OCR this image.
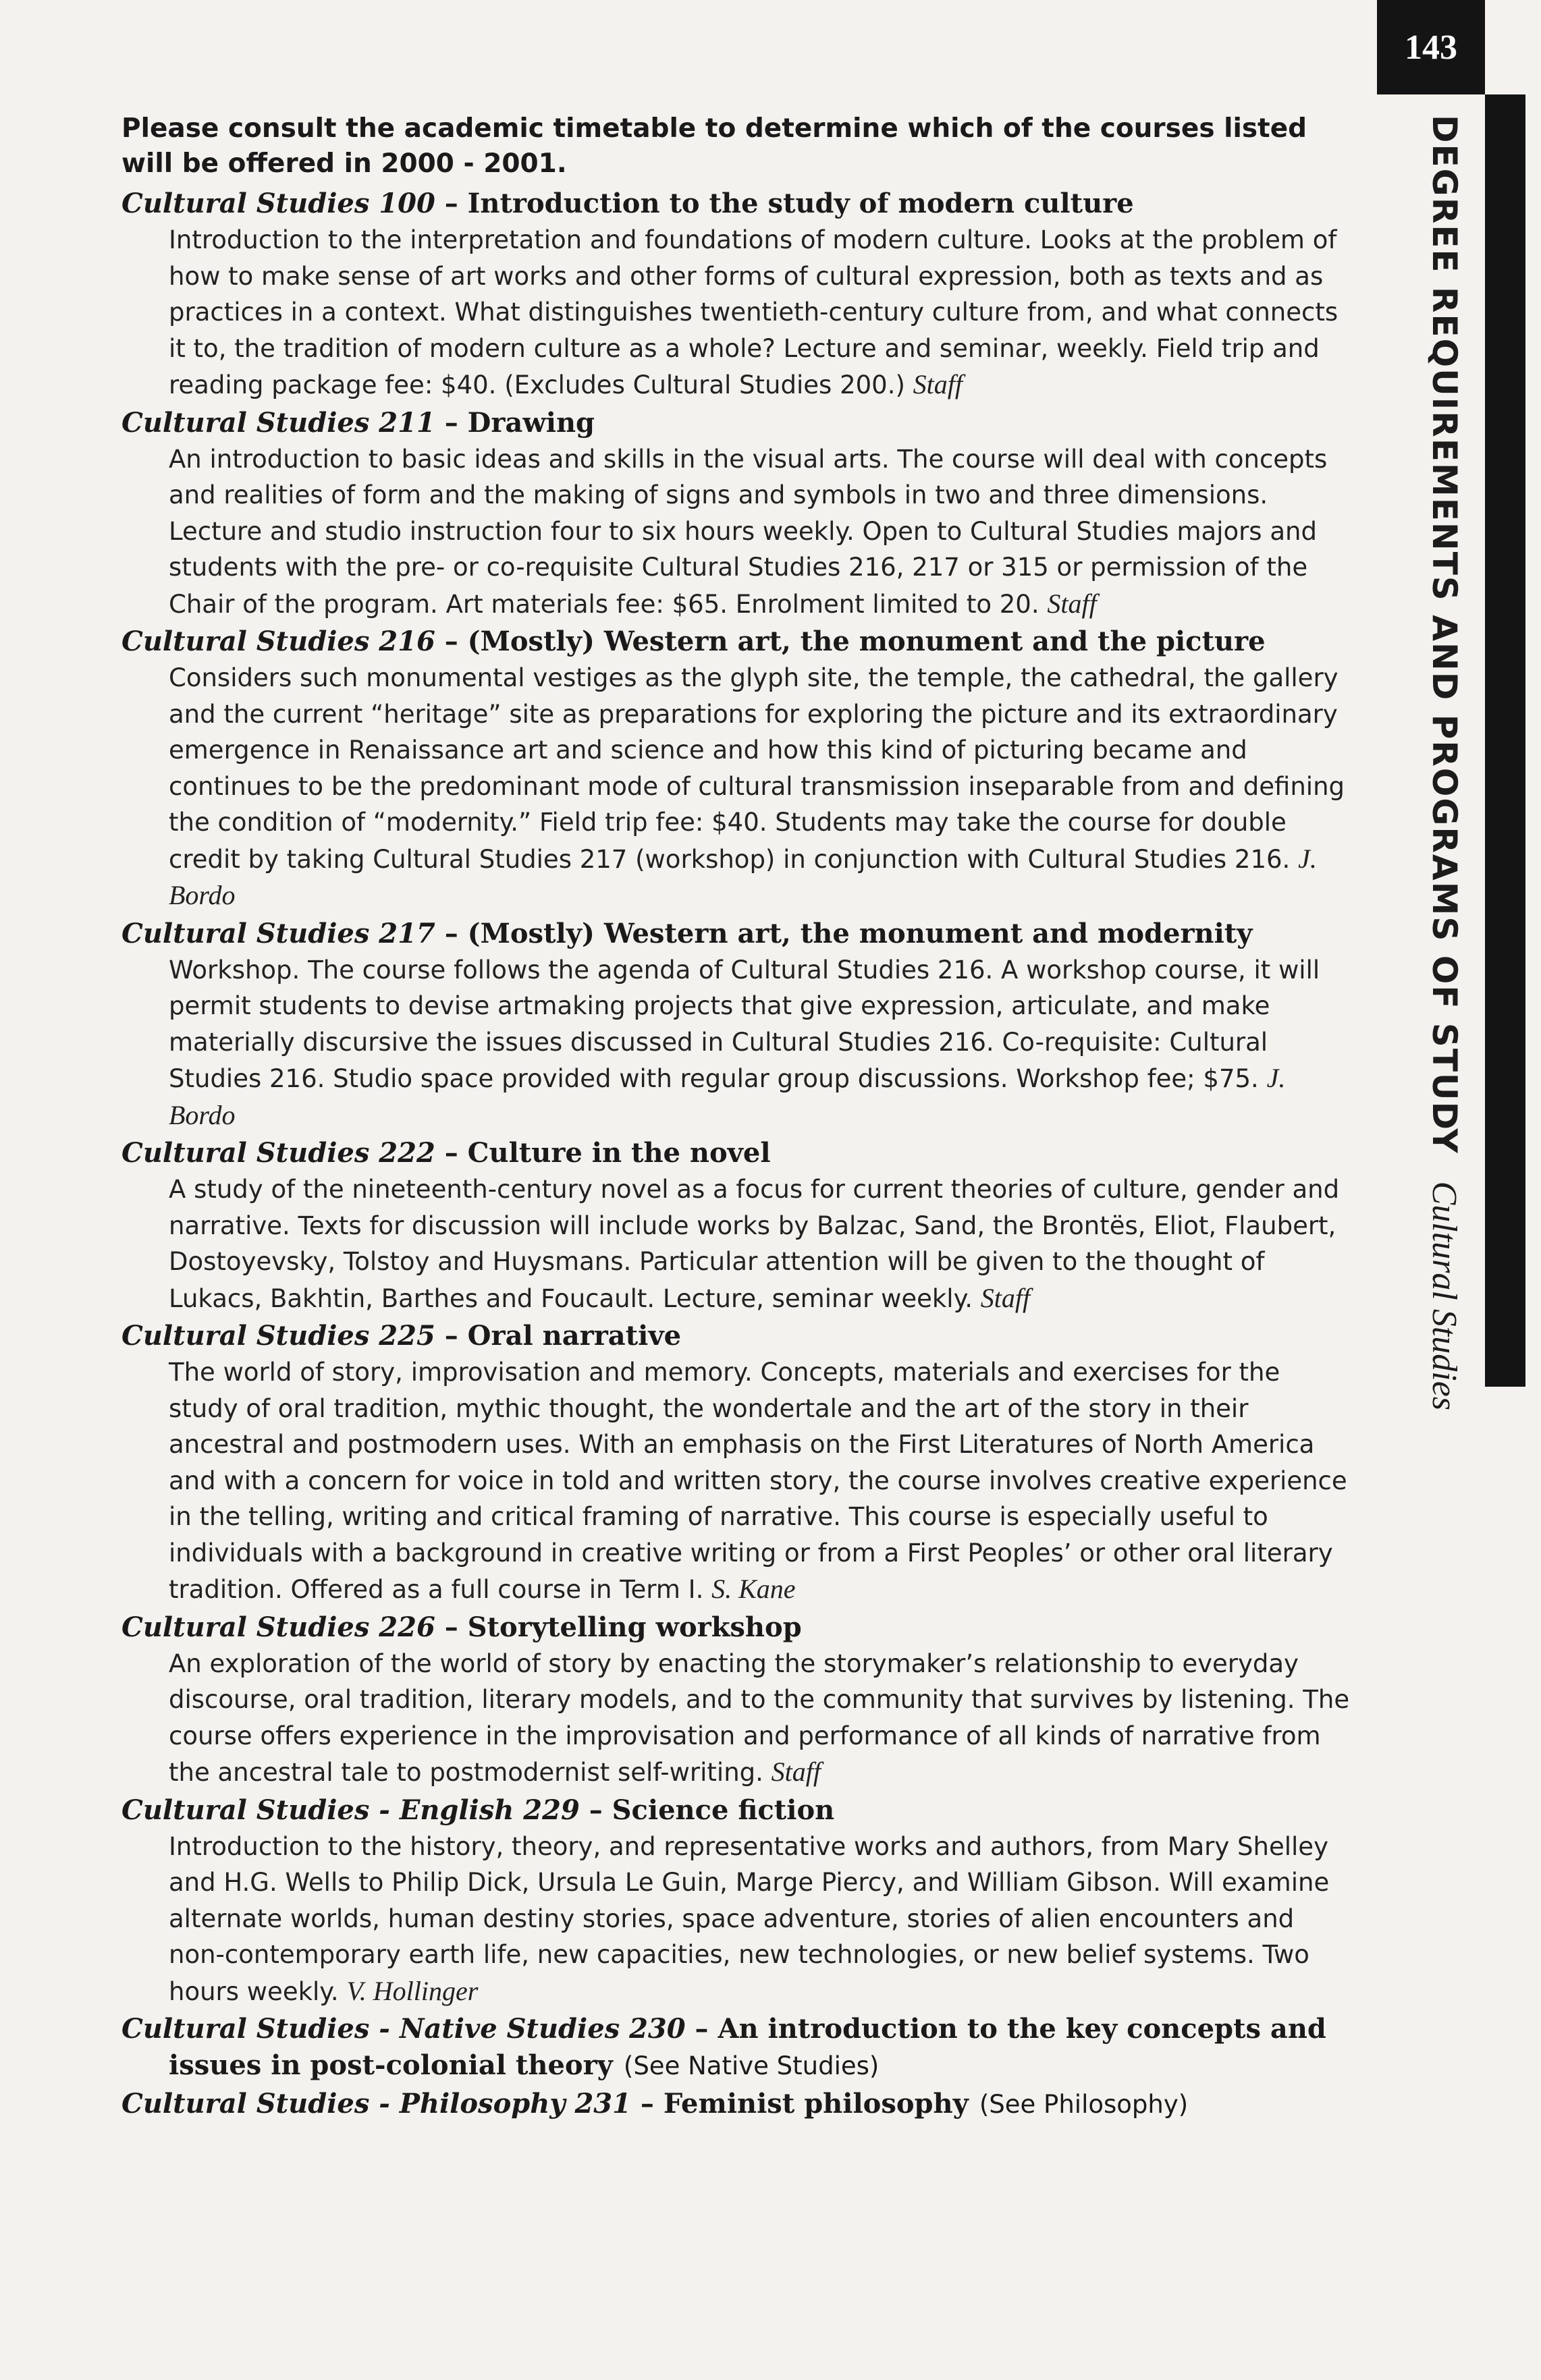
143
DEGREE REQUIREMENTS AND PROGRAMS OF STUDYCultural Studies
Please consult the academic timetable to determine which of the courses listed will be offered in 2000 - 2001.
Cultural Studies 100 – Introduction to the study of modern culture
Introduction to the interpretation and foundations of modern culture. Looks at the problem of how to make sense of art works and other forms of cultural expression, both as texts and as practices in a context. What distinguishes twentieth-century culture from, and what connects it to, the tradition of modern culture as a whole? Lecture and seminar, weekly. Field trip and reading package fee: $40. (Excludes Cultural Studies 200.) Staff
Cultural Studies 211 – Drawing
An introduction to basic ideas and skills in the visual arts. The course will deal with concepts and realities of form and the making of signs and symbols in two and three dimensions. Lecture and studio instruction four to six hours weekly. Open to Cultural Studies majors and students with the pre- or co-requisite Cultural Studies 216, 217 or 315 or permission of the Chair of the program. Art materials fee: $65. Enrolment limited to 20. Staff
Cultural Studies 216 – (Mostly) Western art, the monument and the picture
Considers such monumental vestiges as the glyph site, the temple, the cathedral, the gallery and the current “heritage” site as preparations for exploring the picture and its extraordinary emergence in Renaissance art and science and how this kind of picturing became and continues to be the predominant mode of cultural transmission inseparable from and defining the condition of “modernity.” Field trip fee: $40. Students may take the course for double credit by taking Cultural Studies 217 (workshop) in conjunction with Cultural Studies 216. J. Bordo
Cultural Studies 217 – (Mostly) Western art, the monument and modernity
Workshop. The course follows the agenda of Cultural Studies 216. A workshop course, it will permit students to devise artmaking projects that give expression, articulate, and make materially discursive the issues discussed in Cultural Studies 216. Co-requisite: Cultural Studies 216. Studio space provided with regular group discussions. Workshop fee; $75. J. Bordo
Cultural Studies 222 – Culture in the novel
A study of the nineteenth-century novel as a focus for current theories of culture, gender and narrative. Texts for discussion will include works by Balzac, Sand, the Brontës, Eliot, Flaubert, Dostoyevsky, Tolstoy and Huysmans. Particular attention will be given to the thought of Lukacs, Bakhtin, Barthes and Foucault. Lecture, seminar weekly. Staff
Cultural Studies 225 – Oral narrative
The world of story, improvisation and memory. Concepts, materials and exercises for the study of oral tradition, mythic thought, the wondertale and the art of the story in their ancestral and postmodern uses. With an emphasis on the First Literatures of North America and with a concern for voice in told and written story, the course involves creative experience in the telling, writing and critical framing of narrative. This course is especially useful to individuals with a background in creative writing or from a First Peoples’ or other oral literary tradition. Offered as a full course in Term I. S. Kane
Cultural Studies 226 – Storytelling workshop
An exploration of the world of story by enacting the storymaker’s relationship to everyday discourse, oral tradition, literary models, and to the community that survives by listening. The course offers experience in the improvisation and performance of all kinds of narrative from the ancestral tale to postmodernist self-writing. Staff
Cultural Studies - English 229 – Science fiction
Introduction to the history, theory, and representative works and authors, from Mary Shelley and H.G. Wells to Philip Dick, Ursula Le Guin, Marge Piercy, and William Gibson. Will examine alternate worlds, human destiny stories, space adventure, stories of alien encounters and non-contemporary earth life, new capacities, new technologies, or new belief systems. Two hours weekly. V. Hollinger
Cultural Studies - Native Studies 230 – An introduction to the key concepts and issues in post-colonial theory (See Native Studies)
Cultural Studies - Philosophy 231 – Feminist philosophy (See Philosophy)
